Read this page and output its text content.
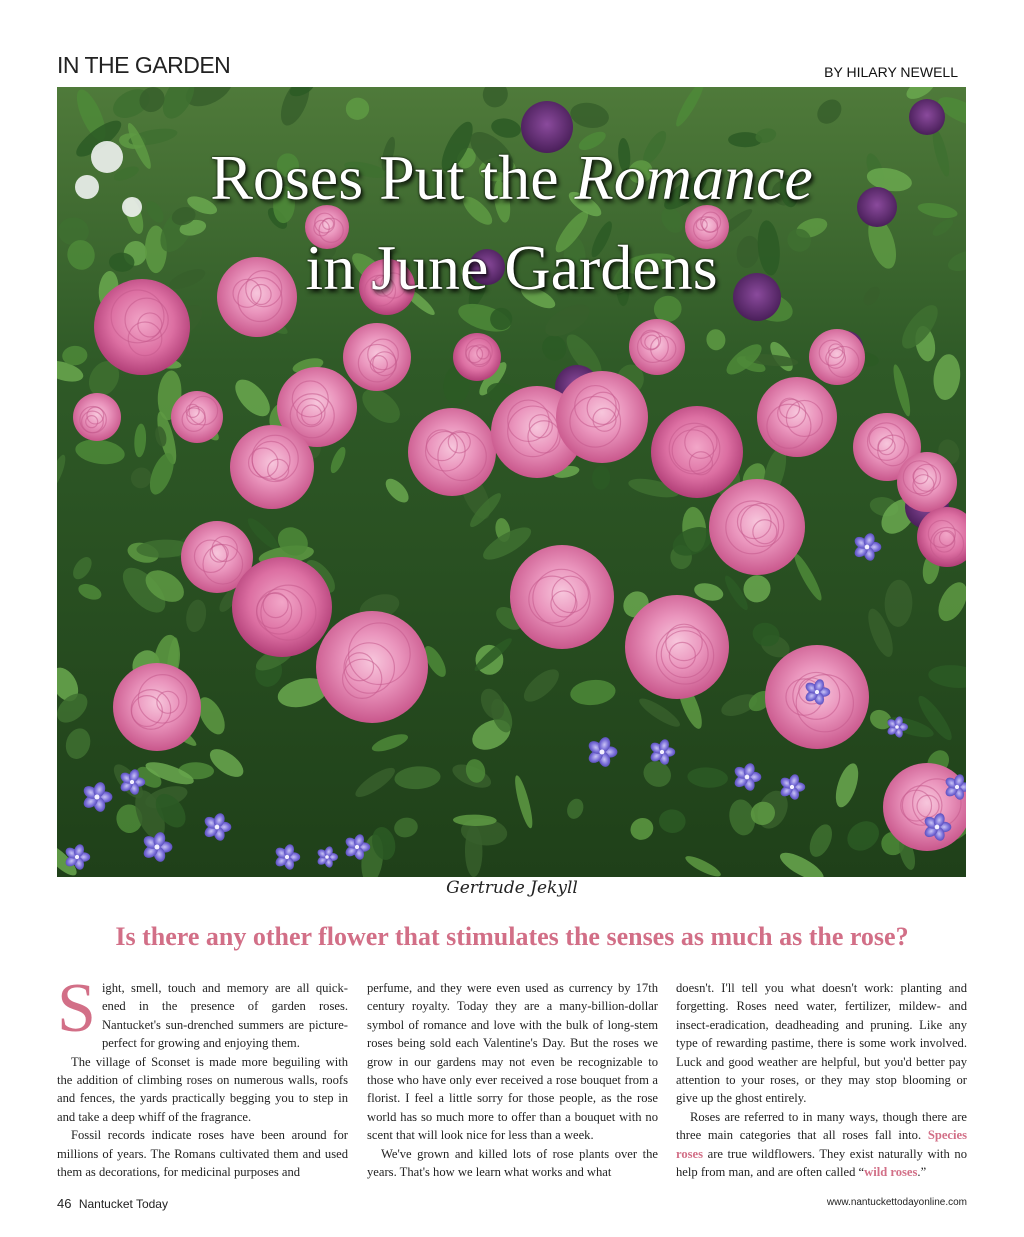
IN THE GARDEN	BY HILARY NEWELL
Roses Put the Romance
in June Gardens
Gertrude Jekyll
Is there any other flower that stimulates the senses as much as the rose?

Sight, smell, touch and memory are all quick-ened in the presence of garden roses. Nantucket's sun-drenched summers are picture-perfect for growing and enjoying them.

The village of Sconset is made more beguiling with the addition of climbing roses on numerous walls, roofs and fences, the yards practically begging you to step in and take a deep whiff of the fragrance.

Fossil records indicate roses have been around for millions of years. The Romans cultivated them and used them as decorations, for medicinal purposes and

perfume, and they were even used as currency by 17th century royalty. Today they are a many-billion-dollar symbol of romance and love with the bulk of long-stem roses being sold each Valentine's Day. But the roses we grow in our gardens may not even be recognizable to those who have only ever received a rose bouquet from a florist. I feel a little sorry for those people, as the rose world has so much more to offer than a bouquet with no scent that will look nice for less than a week.

We've grown and killed lots of rose plants over the years. That's how we learn what works and what

doesn't. I'll tell you what doesn't work: planting and forgetting. Roses need water, fertilizer, mildew- and insect-eradication, deadheading and pruning. Like any type of rewarding pastime, there is some work involved. Luck and good weather are helpful, but you'd better pay attention to your roses, or they may stop blooming or give up the ghost entirely.

Roses are referred to in many ways, though there are three main categories that all roses fall into. Species roses are true wildflowers. They exist naturally with no help from man, and are often called “wild roses.”

46 Nantucket Today	www.nantuckettodayonline.com
